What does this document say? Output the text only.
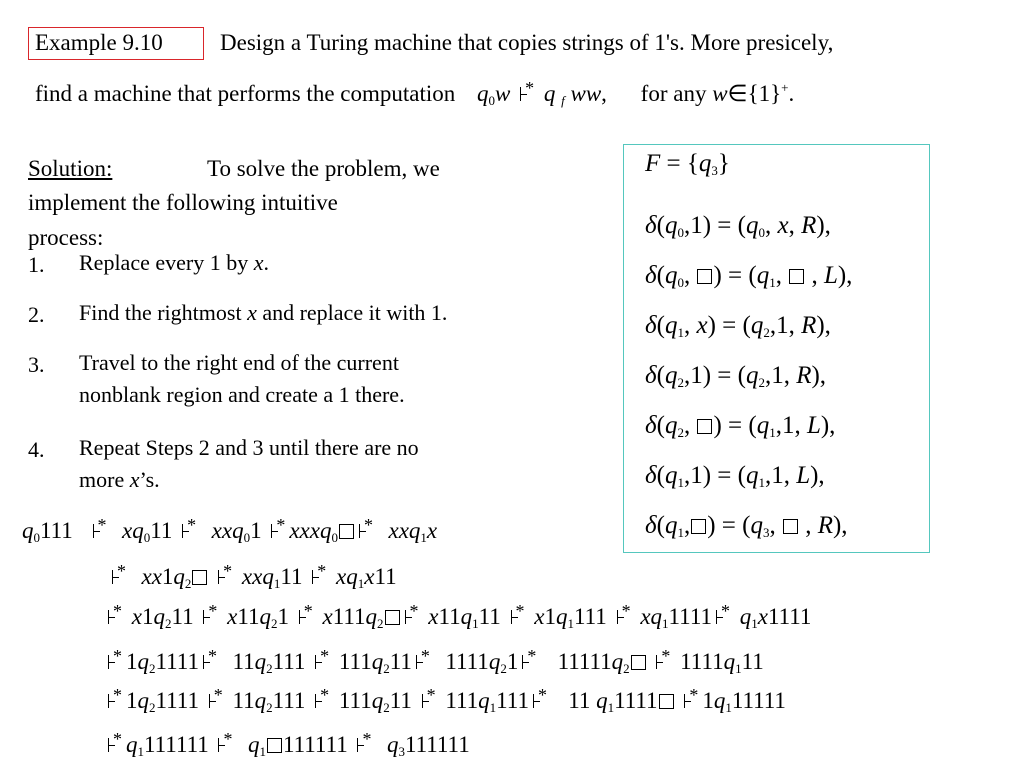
Example 9.10 Design a Turing machine that copies strings of 1's. More presicely,
find a machine that performs the computation $q_0w$ * q $_f$ ww, for any w∈{1}+.
Solution:	To solve the problem, we
implement the following intuitive
process:
1. Replace every 1 by x.
2. Find the rightmost x and replace it with 1.
3. Travel to the right end of the current
nonblank region and create a 1 there.
4. Repeat Steps 2 and 3 until there are no
more x’s.
$F = \{q_3\}$
$\delta(q_0,1) = (q_0$, x, R),
$\delta(q_0$, ) = ($q_1$,  , L),
$\delta(q_1$, $x) = (q_2,1$, R),
$\delta(q_2,1) = (q_2,1$, R),
$\delta(q_2$, ) = ($q_1,1$, L),
$\delta(q_1,1) = (q_1,1$, L),
$\delta(q_1$, ) = ($q_3$,  , R),
$q_0111 * xq_011 * xxq_01$ * xxxq$_0$
* xxq$_1$x
* $xx1q_2$
* $xxq_111 * xq_1x11$
* $x1q_211 * x11q_21 * x111q_2$
* $x11q_111 * x1q_1111 * xq_11111 * q_1x1111$
* $1q_21111 * 11q_2111 * 111q_211 * 1111q_21 * 11111q_2$
* $1111q_111$
* $1q_21111 * 11q_2111 * 111q_211 * 111q_1111 * 11$ $q_11111 * 1q_111111$
* $q_1111111 * q_1$ $111111 * q_3111111$
